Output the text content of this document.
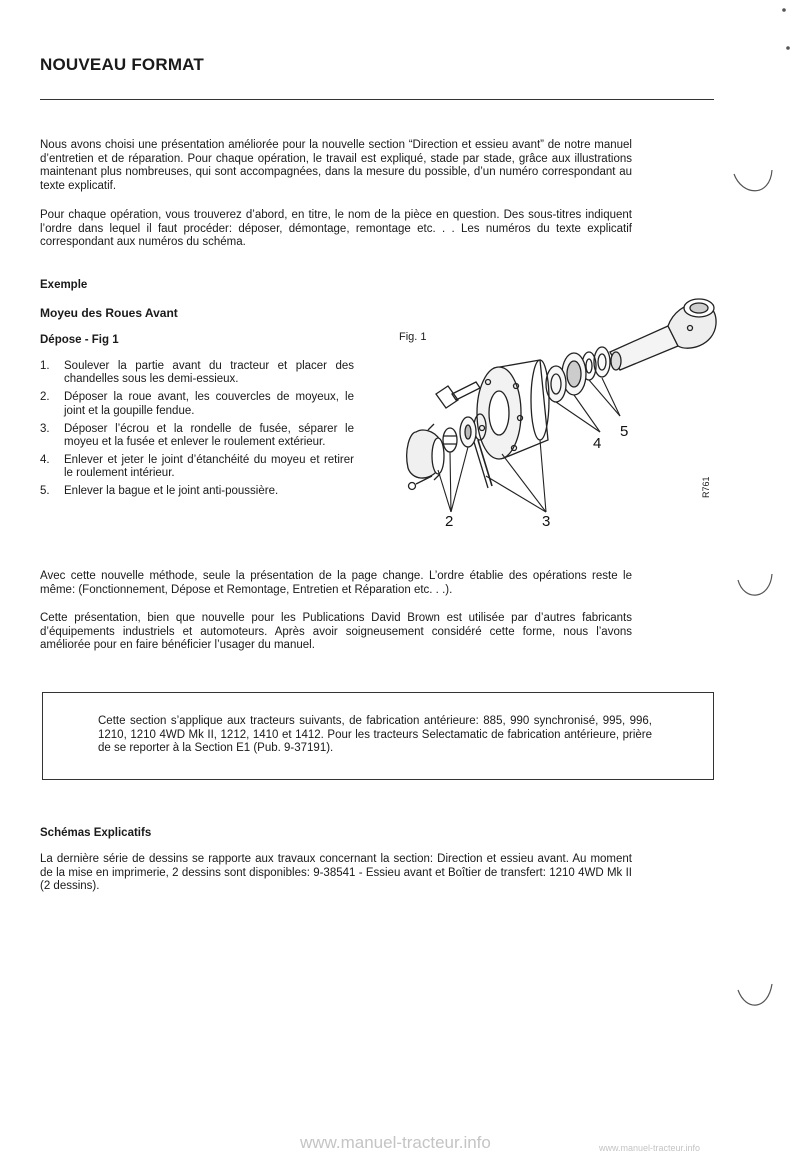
NOUVEAU FORMAT
Nous avons choisi une présentation améliorée pour la nouvelle section “Direction et essieu avant” de notre manuel d’entretien et de réparation. Pour chaque opération, le travail est expliqué, stade par stade, grâce aux illustrations maintenant plus nombreuses, qui sont accompagnées, dans la mesure du possible, d’un numéro correspondant au texte explicatif.
Pour chaque opération, vous trouverez d’abord, en titre, le nom de la pièce en question. Des sous-titres indiquent l’ordre dans lequel il faut procéder: déposer, démontage, remontage etc. . . Les numéros du texte explicatif correspondant aux numéros du schéma.
Exemple
Moyeu des Roues Avant
Dépose - Fig 1
1. Soulever la partie avant du tracteur et placer des chandelles sous les demi-essieux.
2. Déposer la roue avant, les couvercles de moyeux, le joint et la goupille fendue.
3. Déposer l’écrou et la rondelle de fusée, séparer le moyeu et la fusée et enlever le roulement extérieur.
4. Enlever et jeter le joint d’étanchéité du moyeu et retirer le roulement intérieur.
5. Enlever la bague et le joint anti-poussière.
Fig. 1
2	3
4
5
R761
Avec cette nouvelle méthode, seule la présentation de la page change. L’ordre établie des opérations reste le même: (Fonctionnement, Dépose et Remontage, Entretien et Réparation etc. . .).
Cette présentation, bien que nouvelle pour les Publications David Brown est utilisée par d’autres fabricants d’équipements industriels et automoteurs. Après avoir soigneusement considéré cette forme, nous l’avons améliorée pour en faire bénéficier l’usager du manuel.
Cette section s’applique aux tracteurs suivants, de fabrication antérieure: 885, 990 synchronisé, 995, 996, 1210, 1210 4WD Mk II, 1212, 1410 et 1412. Pour les tracteurs Selectamatic de fabrication antérieure, prière de se reporter à la Section E1 (Pub. 9-37191).
Schémas Explicatifs
La dernière série de dessins se rapporte aux travaux concernant la section: Direction et essieu avant. Au moment de la mise en imprimerie, 2 dessins sont disponibles: 9-38541 - Essieu avant et Boîtier de transfert: 1210 4WD Mk II (2 dessins).
www.manuel-tracteur.info	www.manuel-tracteur.info
